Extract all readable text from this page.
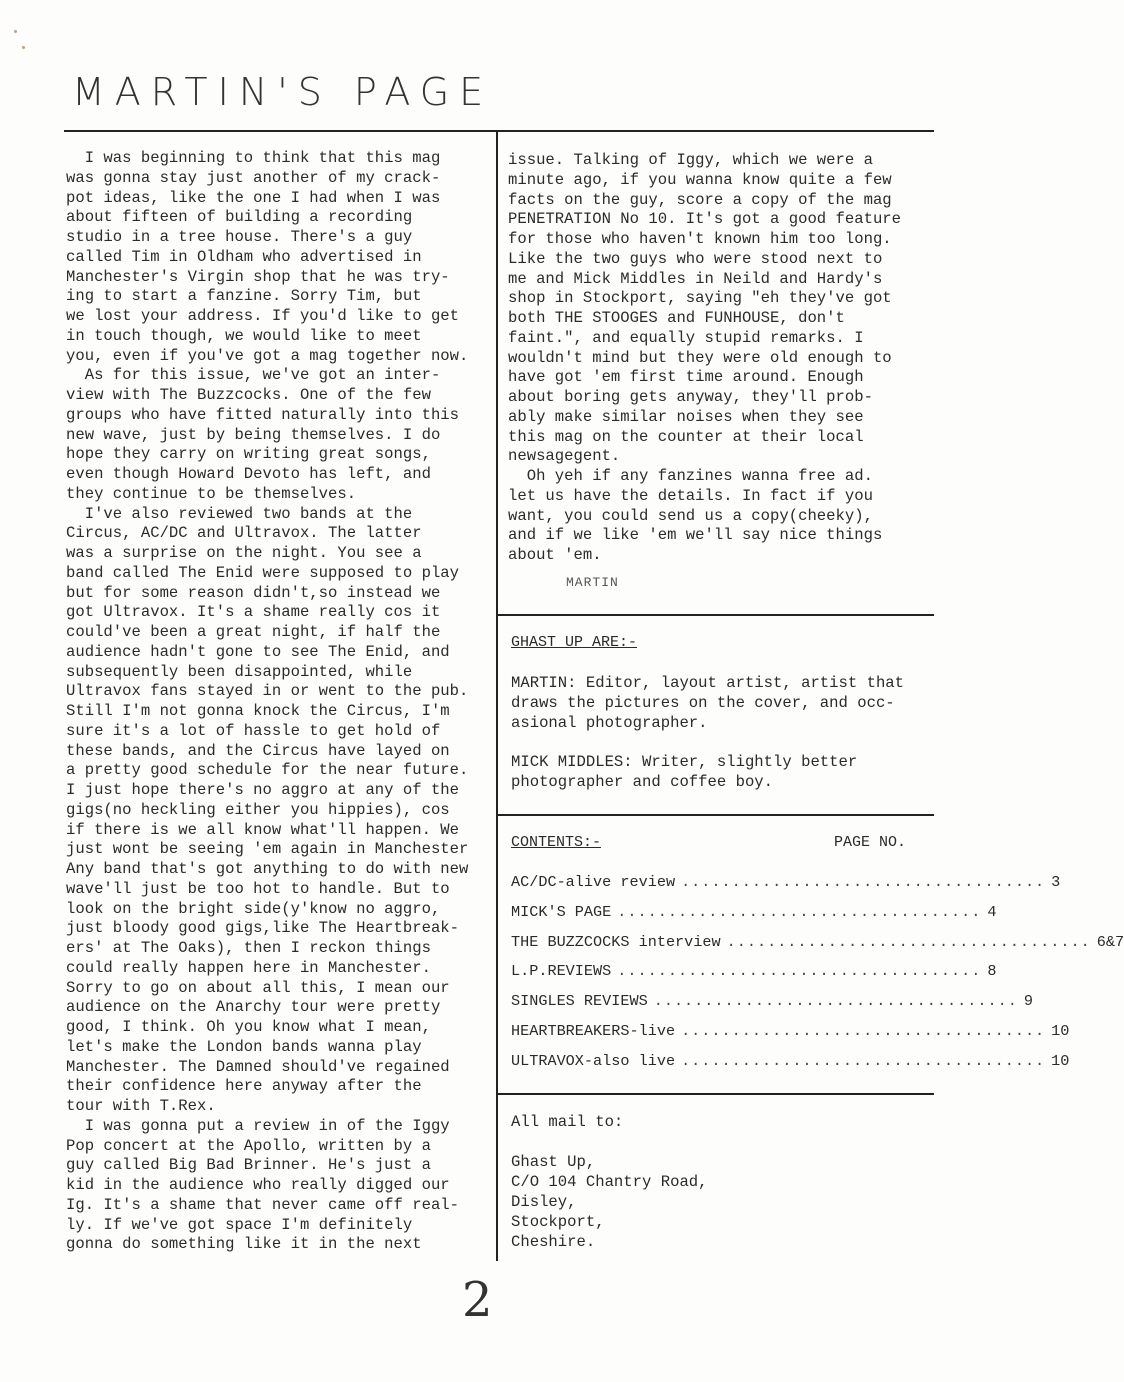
MARTIN'S PAGE
I was beginning to think that this mag
was gonna stay just another of my crack-
pot ideas, like the one I had when I was
about fifteen of building a recording
studio in a tree house. There's a guy
called Tim in Oldham who advertised in
Manchester's Virgin shop that he was try-
ing to start a fanzine. Sorry Tim, but
we lost your address. If you'd like to get
in touch though, we would like to meet
you, even if you've got a mag together now.
As for this issue, we've got an inter-
view with The Buzzcocks. One of the few
groups who have fitted naturally into this
new wave, just by being themselves. I do
hope they carry on writing great songs,
even though Howard Devoto has left, and
they continue to be themselves.
I've also reviewed two bands at the
Circus, AC/DC and Ultravox. The latter
was a surprise on the night. You see a
band called The Enid were supposed to play
but for some reason didn't,so instead we
got Ultravox. It's a shame really cos it
could've been a great night, if half the
audience hadn't gone to see The Enid, and
subsequently been disappointed, while
Ultravox fans stayed in or went to the pub.
Still I'm not gonna knock the Circus, I'm
sure it's a lot of hassle to get hold of
these bands, and the Circus have layed on
a pretty good schedule for the near future.
I just hope there's no aggro at any of the
gigs(no heckling either you hippies), cos
if there is we all know what'll happen. We
just wont be seeing 'em again in Manchester
Any band that's got anything to do with new
wave'll just be too hot to handle. But to
look on the bright side(y'know no aggro,
just bloody good gigs,like The Heartbreak-
ers' at The Oaks), then I reckon things
could really happen here in Manchester.
Sorry to go on about all this, I mean our
audience on the Anarchy tour were pretty
good, I think. Oh you know what I mean,
let's make the London bands wanna play
Manchester. The Damned should've regained
their confidence here anyway after the
tour with T.Rex.
I was gonna put a review in of the Iggy
Pop concert at the Apollo, written by a
guy called Big Bad Brinner. He's just a
kid in the audience who really digged our
Ig. It's a shame that never came off real-
ly. If we've got space I'm definitely
gonna do something like it in the next
issue. Talking of Iggy, which we were a
minute ago, if you wanna know quite a few
facts on the guy, score a copy of the mag
PENETRATION No 10. It's got a good feature
for those who haven't known him too long.
Like the two guys who were stood next to
me and Mick Middles in Neild and Hardy's
shop in Stockport, saying "eh they've got
both THE STOOGES and FUNHOUSE, don't
faint.", and equally stupid remarks. I
wouldn't mind but they were old enough to
have got 'em first time around. Enough
about boring gets anyway, they'll prob-
ably make similar noises when they see
this mag on the counter at their local
newsagegent.
Oh yeh if any fanzines wanna free ad.
let us have the details. In fact if you
want, you could send us a copy(cheeky),
and if we like 'em we'll say nice things
about 'em.
MARTIN
GHAST UP ARE:-
MARTIN: Editor, layout artist, artist that
draws the pictures on the cover, and occ-
asional photographer.
MICK MIDDLES: Writer, slightly better
photographer and coffee boy.
CONTENTS:-	PAGE NO.
AC/DC-alive review .................................... 3
MICK'S PAGE .................................... 4
THE BUZZCOCKS interview .................................... 6&7
L.P.REVIEWS .................................... 8
SINGLES REVIEWS .................................... 9
HEARTBREAKERS-live .................................... 10
ULTRAVOX-also live .................................... 10
All mail to:

Ghast Up,
C/O 104 Chantry Road,
Disley,
Stockport,
Cheshire.
2
